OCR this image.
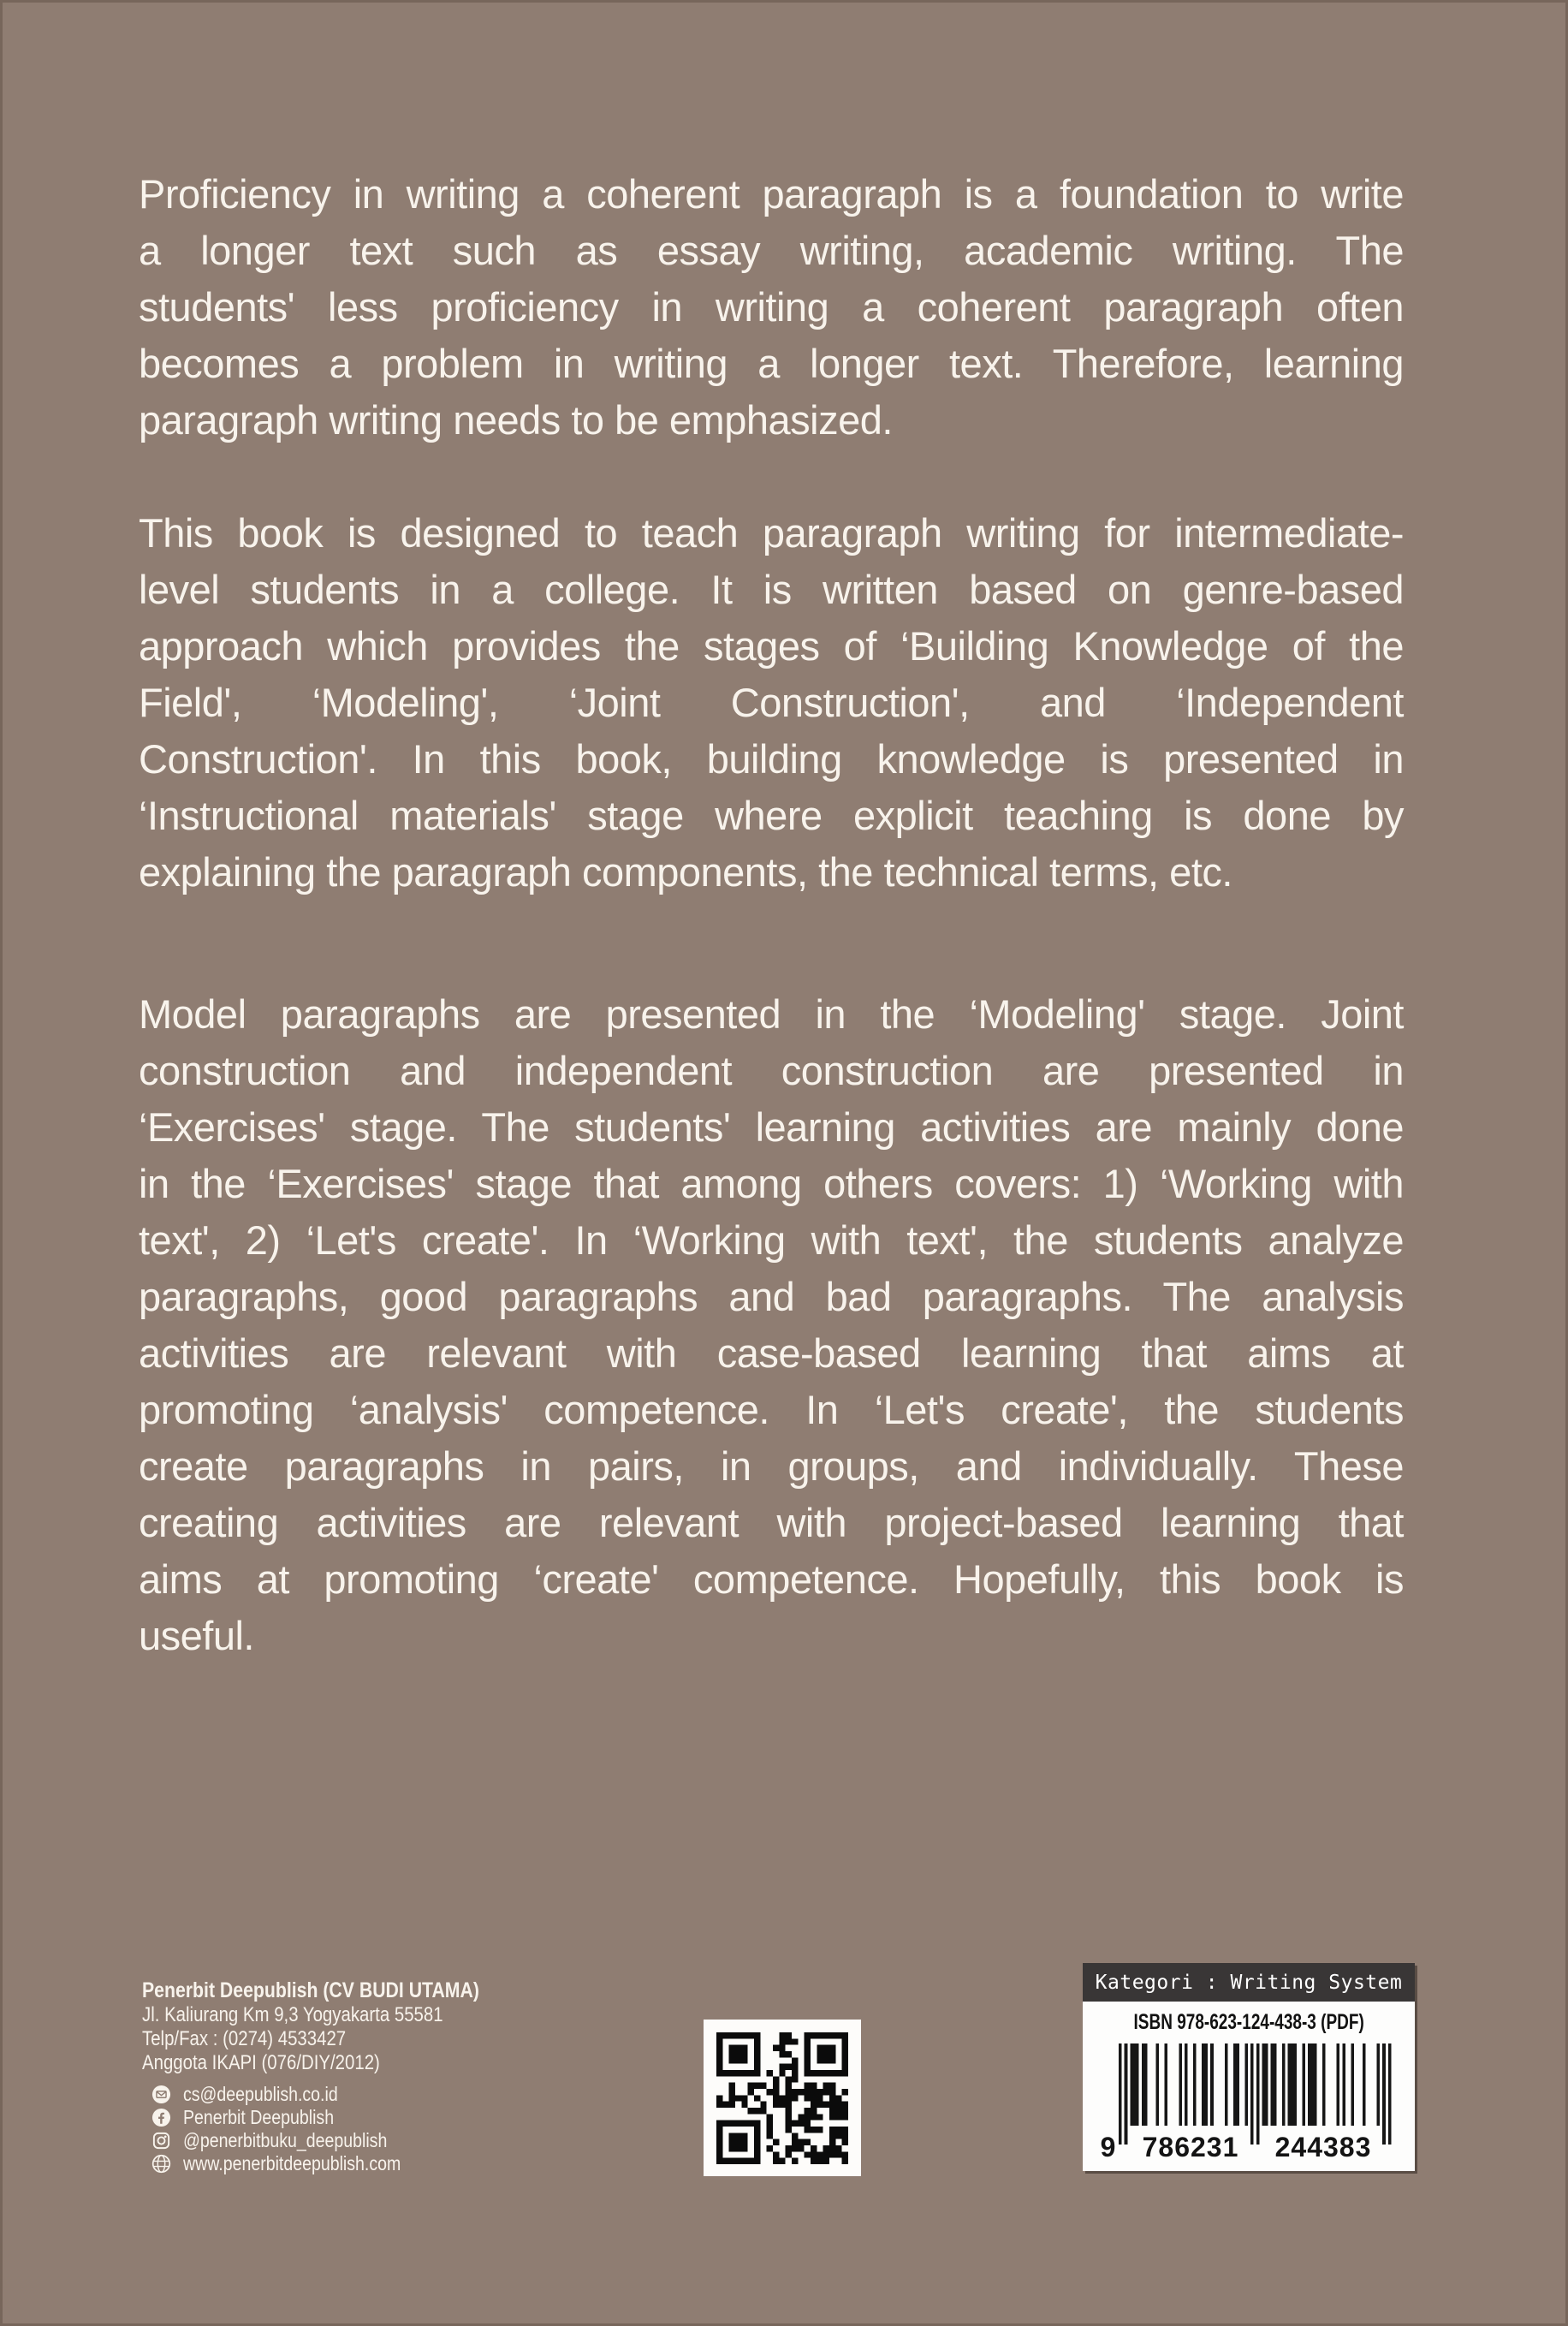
Proficiency in writing a coherent paragraph is a foundation to write
a longer text such as essay writing, academic writing. The
students' less proficiency in writing a coherent paragraph often
becomes a problem in writing a longer text. Therefore, learning
paragraph writing needs to be emphasized.
This book is designed to teach paragraph writing for intermediate-
level students in a college. It is written based on genre-based
approach which provides the stages of ‘Building Knowledge of the
Field', ‘Modeling', ‘Joint Construction', and ‘Independent
Construction'. In this book, building knowledge is presented in
‘Instructional materials' stage where explicit teaching is done by
explaining the paragraph components, the technical terms, etc.
Model paragraphs are presented in the ‘Modeling' stage. Joint
construction and independent construction are presented in
‘Exercises' stage. The students' learning activities are mainly done
in the ‘Exercises' stage that among others covers: 1) ‘Working with
text', 2) ‘Let's create'. In ‘Working with text', the students analyze
paragraphs, good paragraphs and bad paragraphs. The analysis
activities are relevant with case-based learning that aims at
promoting ‘analysis' competence. In ‘Let's create', the students
create paragraphs in pairs, in groups, and individually. These
creating activities are relevant with project-based learning that
aims at promoting ‘create' competence. Hopefully, this book is
useful.
Penerbit Deepublish (CV BUDI UTAMA)
Jl. Kaliurang Km 9,3 Yogyakarta 55581
Telp/Fax : (0274) 4533427
Anggota IKAPI (076/DIY/2012)
cs@deepublish.co.id
Penerbit Deepublish
@penerbitbuku_deepublish
www.penerbitdeepublish.com
Kategori : Writing System
ISBN 978-623-124-438-3 (PDF)
9 786231 244383
